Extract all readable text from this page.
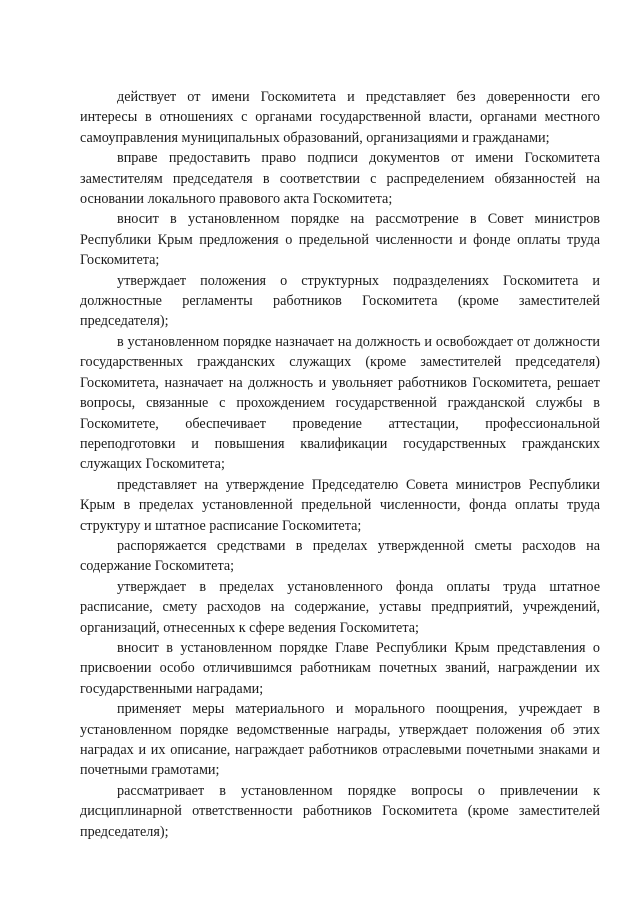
действует от имени Госкомитета и представляет без доверенности его интересы в отношениях с органами государственной власти, органами местного самоуправления муниципальных образований, организациями и гражданами;

вправе предоставить право подписи документов от имени Госкомитета заместителям председателя в соответствии с распределением обязанностей на основании локального правового акта Госкомитета;

вносит в установленном порядке на рассмотрение в Совет министров Республики Крым предложения о предельной численности и фонде оплаты труда Госкомитета;

утверждает положения о структурных подразделениях Госкомитета и должностные регламенты работников Госкомитета (кроме заместителей председателя);

в установленном порядке назначает на должность и освобождает от должности государственных гражданских служащих (кроме заместителей председателя) Госкомитета, назначает на должность и увольняет работников Госкомитета, решает вопросы, связанные с прохождением государственной гражданской службы в Госкомитете, обеспечивает проведение аттестации, профессиональной переподготовки и повышения квалификации государственных гражданских служащих Госкомитета;

представляет на утверждение Председателю Совета министров Республики Крым в пределах установленной предельной численности, фонда оплаты труда структуру и штатное расписание Госкомитета;

распоряжается средствами в пределах утвержденной сметы расходов на содержание Госкомитета;

утверждает в пределах установленного фонда оплаты труда штатное расписание, смету расходов на содержание, уставы предприятий, учреждений, организаций, отнесенных к сфере ведения Госкомитета;

вносит в установленном порядке Главе Республики Крым представления о присвоении особо отличившимся работникам почетных званий, награждении их государственными наградами;

применяет меры материального и морального поощрения, учреждает в установленном порядке ведомственные награды, утверждает положения об этих наградах и их описание, награждает работников отраслевыми почетными знаками и почетными грамотами;

рассматривает в установленном порядке вопросы о привлечении к дисциплинарной ответственности работников Госкомитета (кроме заместителей председателя);
